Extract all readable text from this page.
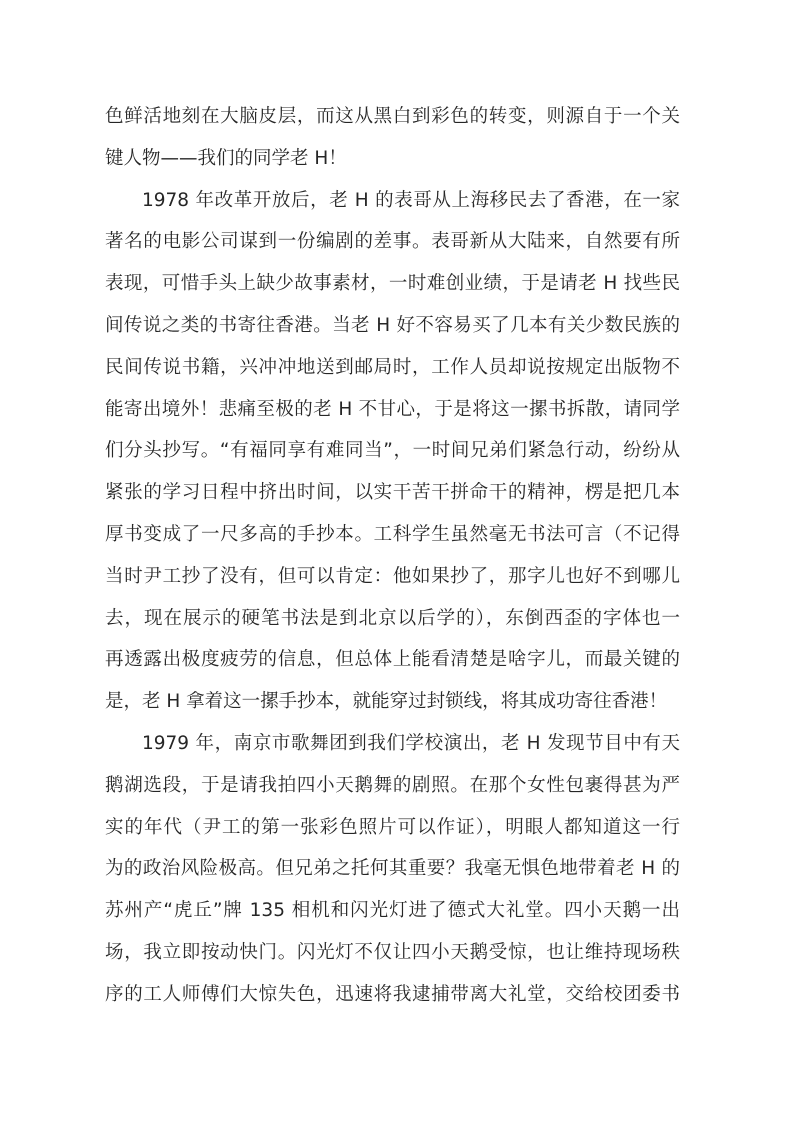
色鲜活地刻在大脑皮层，而这从黑白到彩色的转变，则源自于一个关
键人物——我们的同学老 H！
1978 年改革开放后，老 H 的表哥从上海移民去了香港，在一家
著名的电影公司谋到一份编剧的差事。表哥新从大陆来，自然要有所
表现，可惜手头上缺少故事素材，一时难创业绩，于是请老 H 找些民
间传说之类的书寄往香港。当老 H 好不容易买了几本有关少数民族的
民间传说书籍，兴冲冲地送到邮局时，工作人员却说按规定出版物不
能寄出境外！悲痛至极的老 H 不甘心，于是将这一摞书拆散，请同学
们分头抄写。“有福同享有难同当”，一时间兄弟们紧急行动，纷纷从
紧张的学习日程中挤出时间，以实干苦干拼命干的精神，楞是把几本
厚书变成了一尺多高的手抄本。工科学生虽然毫无书法可言（不记得
当时尹工抄了没有，但可以肯定：他如果抄了，那字儿也好不到哪儿
去，现在展示的硬笔书法是到北京以后学的），东倒西歪的字体也一
再透露出极度疲劳的信息，但总体上能看清楚是啥字儿，而最关键的
是，老 H 拿着这一摞手抄本，就能穿过封锁线，将其成功寄往香港！
1979 年，南京市歌舞团到我们学校演出，老 H 发现节目中有天
鹅湖选段，于是请我拍四小天鹅舞的剧照。在那个女性包裹得甚为严
实的年代（尹工的第一张彩色照片可以作证），明眼人都知道这一行
为的政治风险极高。但兄弟之托何其重要？我毫无惧色地带着老 H 的
苏州产“虎丘”牌 135 相机和闪光灯进了德式大礼堂。四小天鹅一出
场，我立即按动快门。闪光灯不仅让四小天鹅受惊，也让维持现场秩
序的工人师傅们大惊失色，迅速将我逮捕带离大礼堂，交给校团委书
